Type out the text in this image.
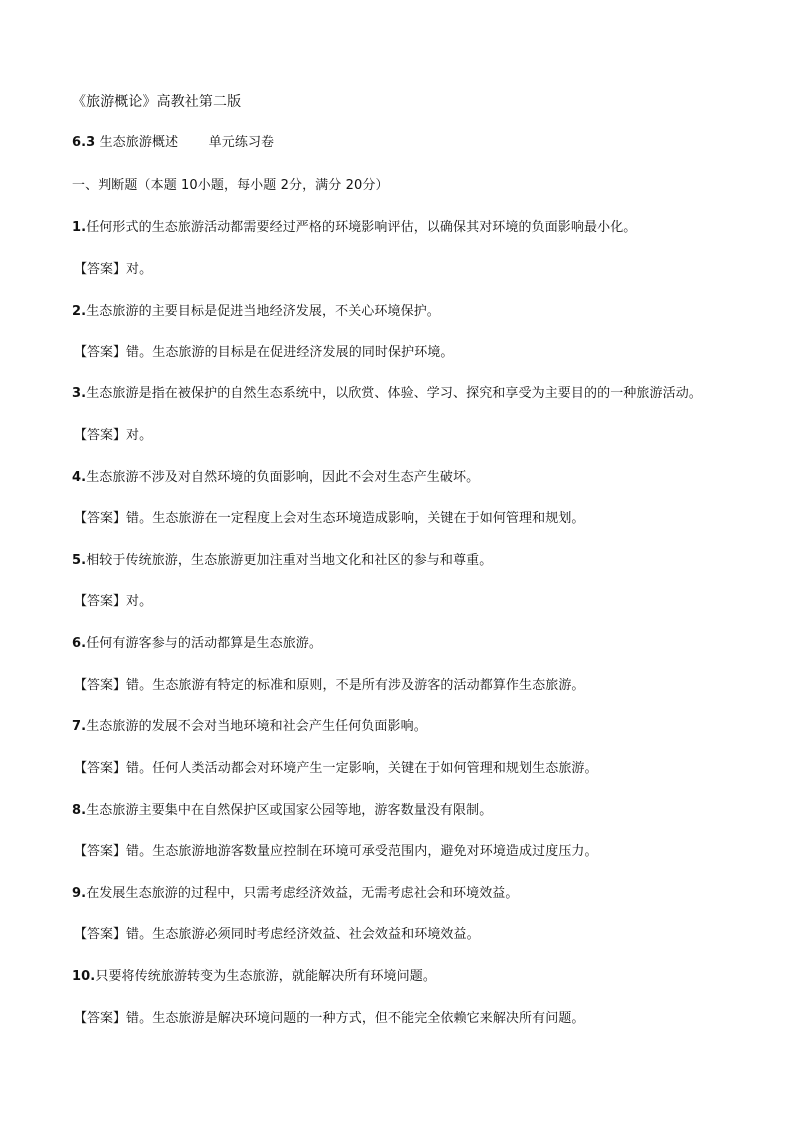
《旅游概论》高教社第二版
6.3 生态旅游概述 单元练习卷
一、判断题（本题 10小题，每小题 2分，满分 20分）
1.任何形式的生态旅游活动都需要经过严格的环境影响评估，以确保其对环境的负面影响最小化。
【答案】对。
2.生态旅游的主要目标是促进当地经济发展，不关心环境保护。
【答案】错。生态旅游的目标是在促进经济发展的同时保护环境。
3.生态旅游是指在被保护的自然生态系统中，以欣赏、体验、学习、探究和享受为主要目的的一种旅游活动。
【答案】对。
4.生态旅游不涉及对自然环境的负面影响，因此不会对生态产生破坏。
【答案】错。生态旅游在一定程度上会对生态环境造成影响，关键在于如何管理和规划。
5.相较于传统旅游，生态旅游更加注重对当地文化和社区的参与和尊重。
【答案】对。
6.任何有游客参与的活动都算是生态旅游。
【答案】错。生态旅游有特定的标准和原则，不是所有涉及游客的活动都算作生态旅游。
7.生态旅游的发展不会对当地环境和社会产生任何负面影响。
【答案】错。任何人类活动都会对环境产生一定影响，关键在于如何管理和规划生态旅游。
8.生态旅游主要集中在自然保护区或国家公园等地，游客数量没有限制。
【答案】错。生态旅游地游客数量应控制在环境可承受范围内，避免对环境造成过度压力。
9.在发展生态旅游的过程中，只需考虑经济效益，无需考虑社会和环境效益。
【答案】错。生态旅游必须同时考虑经济效益、社会效益和环境效益。
10.只要将传统旅游转变为生态旅游，就能解决所有环境问题。
【答案】错。生态旅游是解决环境问题的一种方式，但不能完全依赖它来解决所有问题。
